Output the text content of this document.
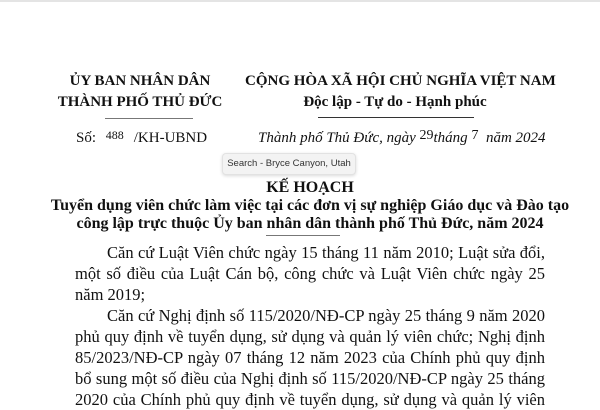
ỦY BAN NHÂN DÂN
THÀNH PHỐ THỦ ĐỨC
CỘNG HÒA XÃ HỘI CHỦ NGHĨA VIỆT NAM
Độc lập - Tự do - Hạnh phúc
Số: $^{488}$ /KH-UBND	Thành phố Thủ Đức, ngày 29tháng 7 năm 2024
KẾ HOẠCH
Tuyển dụng viên chức làm việc tại các đơn vị sự nghiệp Giáo dục và Đào tạo
công lập trực thuộc Ủy ban nhân dân thành phố Thủ Đức, năm 2024
Căn cứ Luật Viên chức ngày 15 tháng 11 năm 2010; Luật sửa đổi,
một số điều của Luật Cán bộ, công chức và Luật Viên chức ngày 25
năm 2019;
Căn cứ Nghị định số 115/2020/NĐ-CP ngày 25 tháng 9 năm 2020
phủ quy định về tuyển dụng, sử dụng và quản lý viên chức; Nghị định
85/2023/NĐ-CP ngày 07 tháng 12 năm 2023 của Chính phủ quy định
bổ sung một số điều của Nghị định số 115/2020/NĐ-CP ngày 25 tháng
2020 của Chính phủ quy định về tuyển dụng, sử dụng và quản lý viên
Search - Bryce Canyon, Utah
